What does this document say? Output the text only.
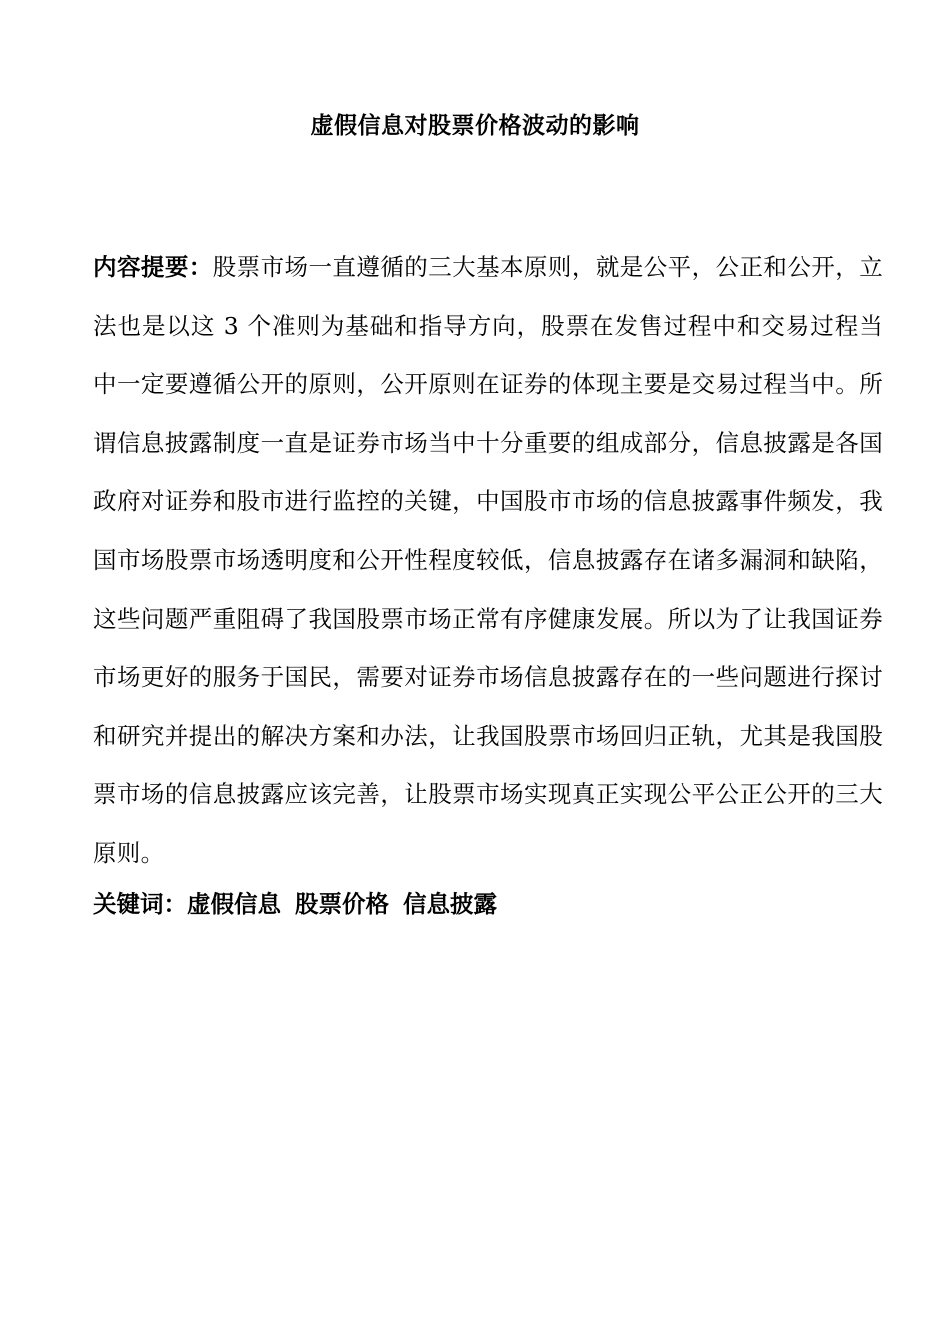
虚假信息对股票价格波动的影响

内容提要：股票市场一直遵循的三大基本原则，就是公平，公正和公开，立法也是以这 3 个准则为基础和指导方向，股票在发售过程中和交易过程当中一定要遵循公开的原则，公开原则在证券的体现主要是交易过程当中。所谓信息披露制度一直是证券市场当中十分重要的组成部分，信息披露是各国政府对证券和股市进行监控的关键，中国股市市场的信息披露事件频发，我国市场股票市场透明度和公开性程度较低，信息披露存在诸多漏洞和缺陷，这些问题严重阻碍了我国股票市场正常有序健康发展。所以为了让我国证券市场更好的服务于国民，需要对证券市场信息披露存在的一些问题进行探讨和研究并提出的解决方案和办法，让我国股票市场回归正轨，尤其是我国股票市场的信息披露应该完善，让股票市场实现真正实现公平公正公开的三大原则。

关键词：虚假信息 股票价格 信息披露
